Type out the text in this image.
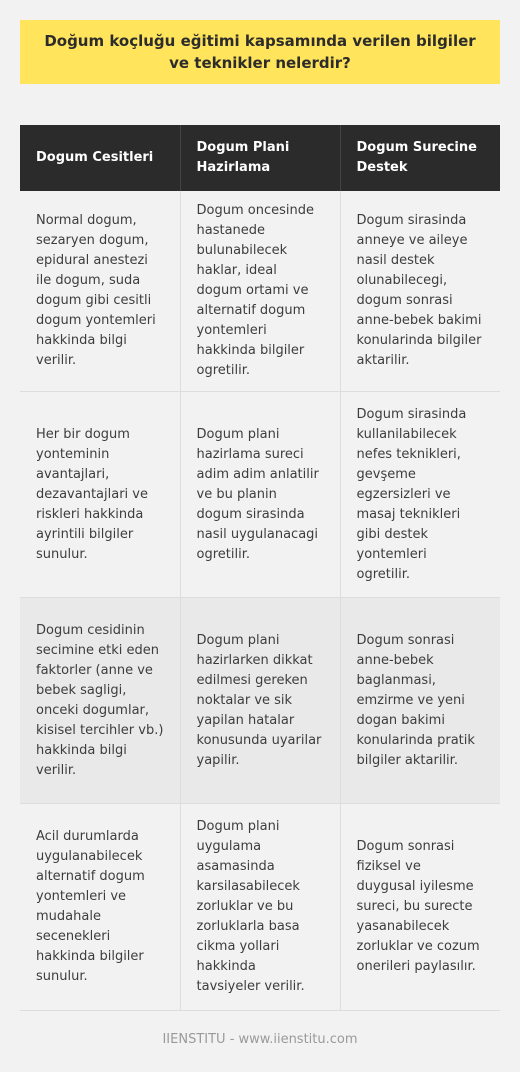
Doğum koçluğu eğitimi kapsamında verilen bilgiler ve teknikler nelerdir?
Dogum Cesitleri	Dogum Plani Hazirlama	Dogum Surecine Destek
Normal dogum, sezaryen dogum, epidural anestezi ile dogum, suda dogum gibi cesitli dogum yontemleri hakkinda bilgi verilir.	Dogum oncesinde hastanede bulunabilecek haklar, ideal dogum ortami ve alternatif dogum yontemleri hakkinda bilgiler ogretilir.	Dogum sirasinda anneye ve aileye nasil destek olunabilecegi, dogum sonrasi anne-bebek bakimi konularinda bilgiler aktarilir.
Her bir dogum yonteminin avantajlari, dezavantajlari ve riskleri hakkinda ayrintili bilgiler sunulur.	Dogum plani hazirlama sureci adim adim anlatilir ve bu planin dogum sirasinda nasil uygulanacagi ogretilir.	Dogum sirasinda kullanilabilecek nefes teknikleri, gevşeme egzersizleri ve masaj teknikleri gibi destek yontemleri ogretilir.
Dogum cesidinin secimine etki eden faktorler (anne ve bebek sagligi, onceki dogumlar, kisisel tercihler vb.) hakkinda bilgi verilir.	Dogum plani hazirlarken dikkat edilmesi gereken noktalar ve sik yapilan hatalar konusunda uyarilar yapilir.	Dogum sonrasi anne-bebek baglanmasi, emzirme ve yeni dogan bakimi konularinda pratik bilgiler aktarilir.
Acil durumlarda uygulanabilecek alternatif dogum yontemleri ve mudahale secenekleri hakkinda bilgiler sunulur.	Dogum plani uygulama asamasinda karsilasabilecek zorluklar ve bu zorluklarla basa cikma yollari hakkinda tavsiyeler verilir.	Dogum sonrasi fiziksel ve duygusal iyilesme sureci, bu surecte yasanabilecek zorluklar ve cozum onerileri paylasılır.
IIENSTITU - www.iienstitu.com
